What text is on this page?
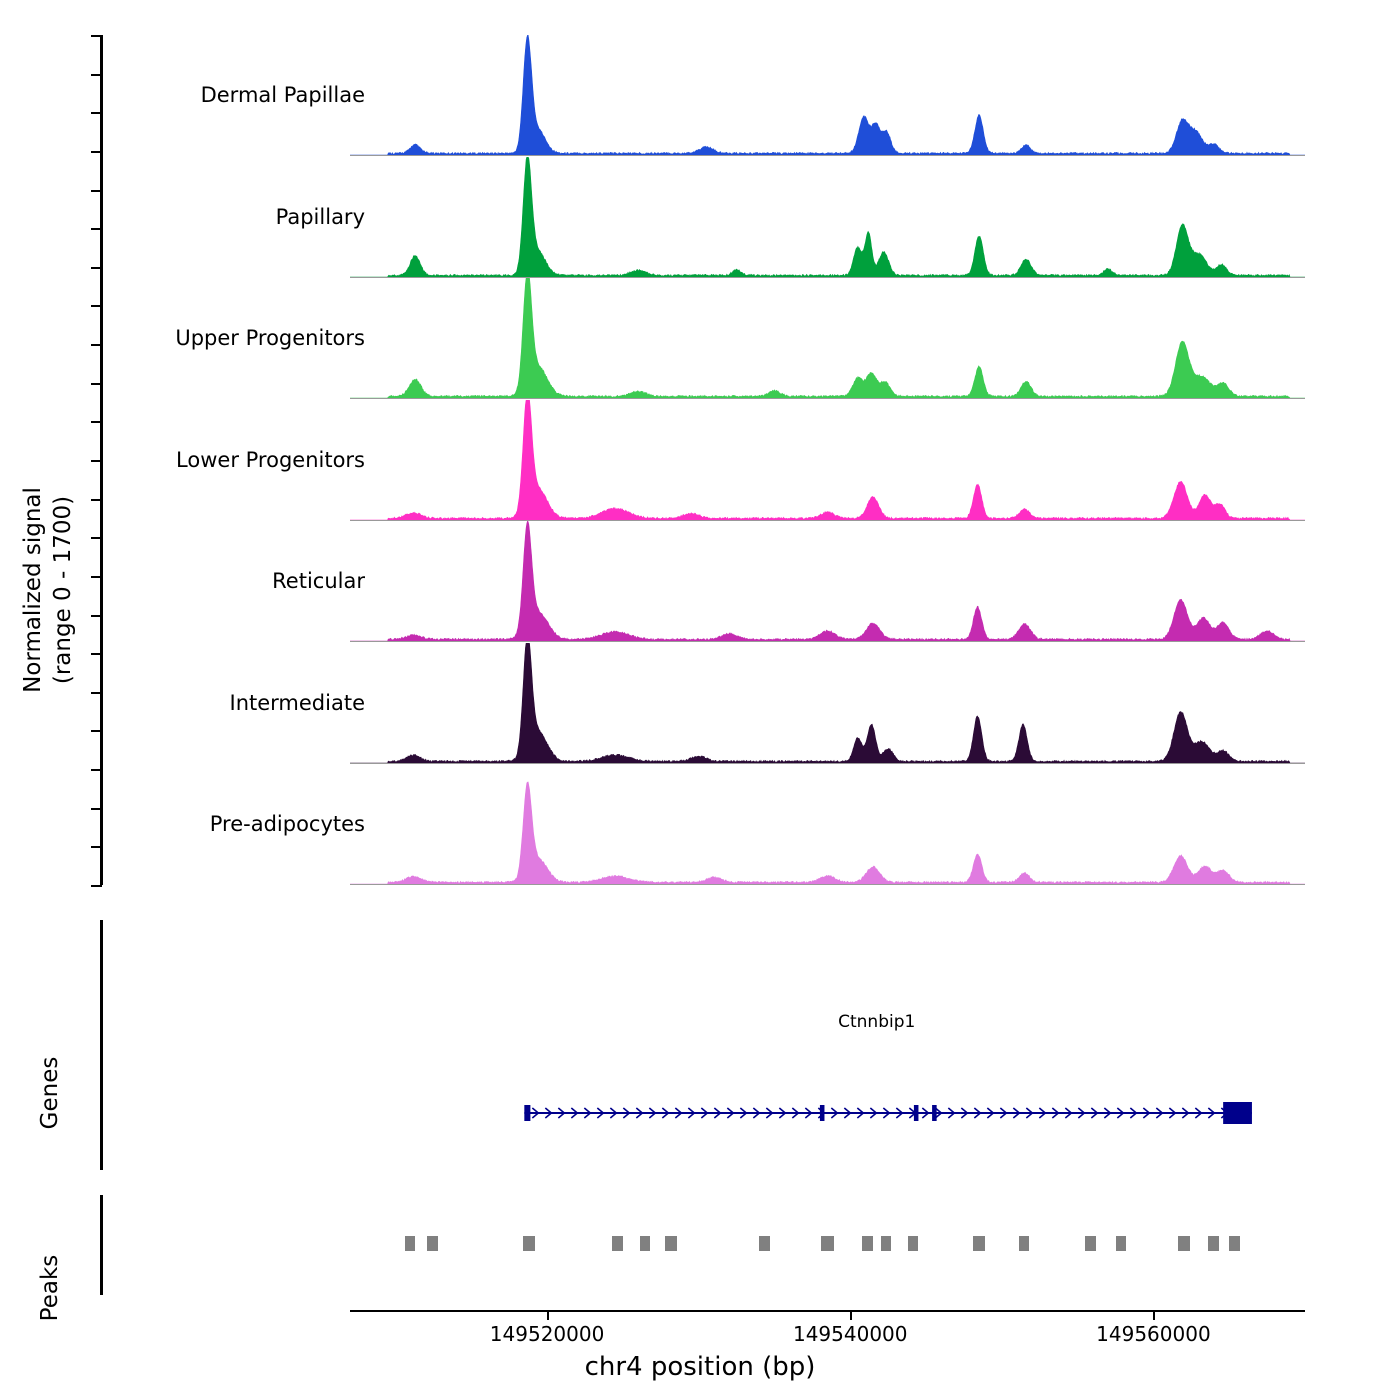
Normalized signal (range 0 - 1700)
Genes
Peaks
Dermal Papillae
Papillary
Upper Progenitors
Lower Progenitors
Reticular
Intermediate
Pre-adipocytes
Ctnnbip1
149520000	149540000	149560000
chr4 position (bp)
